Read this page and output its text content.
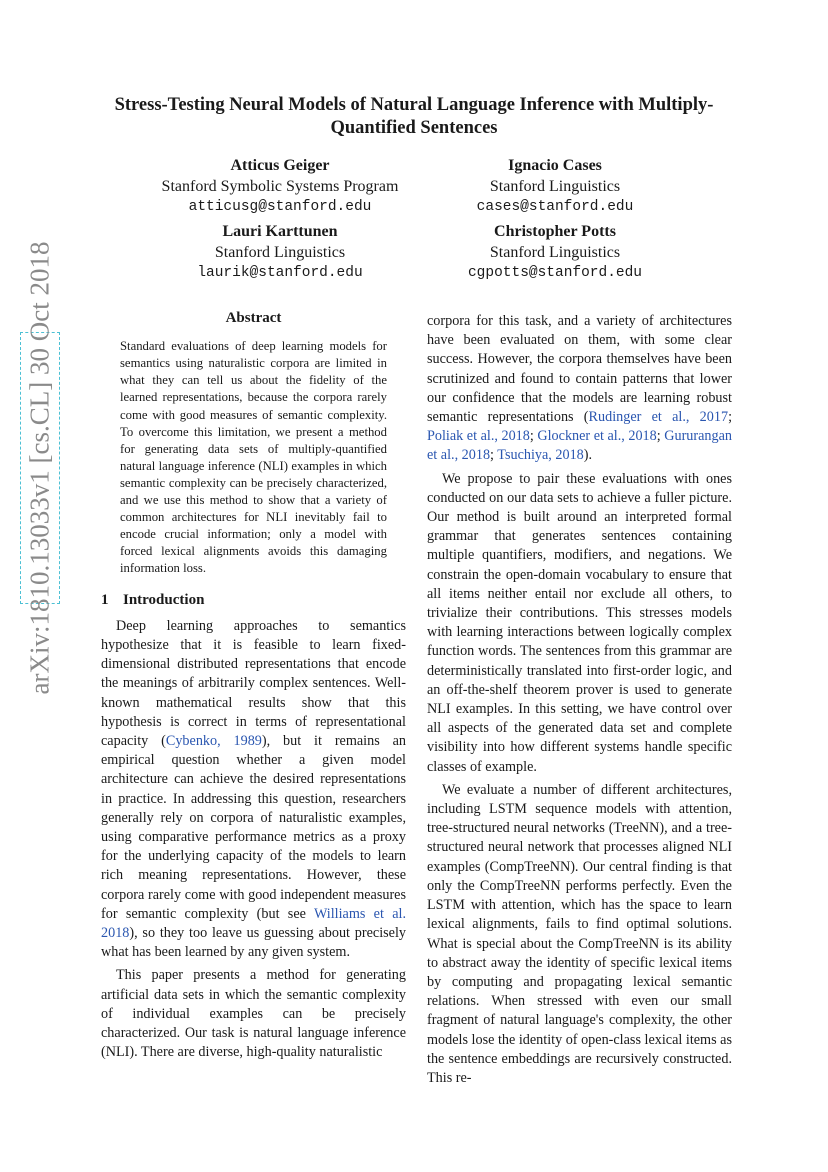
Stress-Testing Neural Models of Natural Language Inference with Multiply-Quantified Sentences
Atticus Geiger
Stanford Symbolic Systems Program
atticusg@stanford.edu
Ignacio Cases
Stanford Linguistics
cases@stanford.edu
Lauri Karttunen
Stanford Linguistics
laurik@stanford.edu
Christopher Potts
Stanford Linguistics
cgpotts@stanford.edu
arXiv:1810.13033v1 [cs.CL] 30 Oct 2018	Abstract
Standard evaluations of deep learning models for semantics using naturalistic corpora are limited in what they can tell us about the fidelity of the learned representations, because the corpora rarely come with good measures of semantic complexity. To overcome this limitation, we present a method for generating data sets of multiply-quantified natural language inference (NLI) examples in which semantic complexity can be precisely characterized, and we use this method to show that a variety of common architectures for NLI inevitably fail to encode crucial information; only a model with forced lexical alignments avoids this damaging information loss.
1 Introduction

Deep learning approaches to semantics hypothesize that it is feasible to learn fixed-dimensional distributed representations that encode the meanings of arbitrarily complex sentences. Well-known mathematical results show that this hypothesis is correct in terms of representational capacity (Cybenko, 1989), but it remains an empirical question whether a given model architecture can achieve the desired representations in practice. In addressing this question, researchers generally rely on corpora of naturalistic examples, using comparative performance metrics as a proxy for the underlying capacity of the models to learn rich meaning representations. However, these corpora rarely come with good independent measures for semantic complexity (but see Williams et al. 2018), so they too leave us guessing about precisely what has been learned by any given system.

This paper presents a method for generating artificial data sets in which the semantic complexity of individual examples can be precisely characterized. Our task is natural language inference (NLI). There are diverse, high-quality naturalistic

corpora for this task, and a variety of architectures have been evaluated on them, with some clear success. However, the corpora themselves have been scrutinized and found to contain patterns that lower our confidence that the models are learning robust semantic representations (Rudinger et al., 2017; Poliak et al., 2018; Glockner et al., 2018; Gururangan et al., 2018; Tsuchiya, 2018).

We propose to pair these evaluations with ones conducted on our data sets to achieve a fuller picture. Our method is built around an interpreted formal grammar that generates sentences containing multiple quantifiers, modifiers, and negations. We constrain the open-domain vocabulary to ensure that all items neither entail nor exclude all others, to trivialize their contributions. This stresses models with learning interactions between logically complex function words. The sentences from this grammar are deterministically translated into first-order logic, and an off-the-shelf theorem prover is used to generate NLI examples. In this setting, we have control over all aspects of the generated data set and complete visibility into how different systems handle specific classes of example.

We evaluate a number of different architectures, including LSTM sequence models with attention, tree-structured neural networks (TreeNN), and a tree-structured neural network that processes aligned NLI examples (CompTreeNN). Our central finding is that only the CompTreeNN performs perfectly. Even the LSTM with attention, which has the space to learn lexical alignments, fails to find optimal solutions. What is special about the CompTreeNN is its ability to abstract away the identity of specific lexical items by computing and propagating lexical semantic relations. When stressed with even our small fragment of natural language's complexity, the other models lose the identity of open-class lexical items as the sentence embeddings are recursively constructed. This re-
